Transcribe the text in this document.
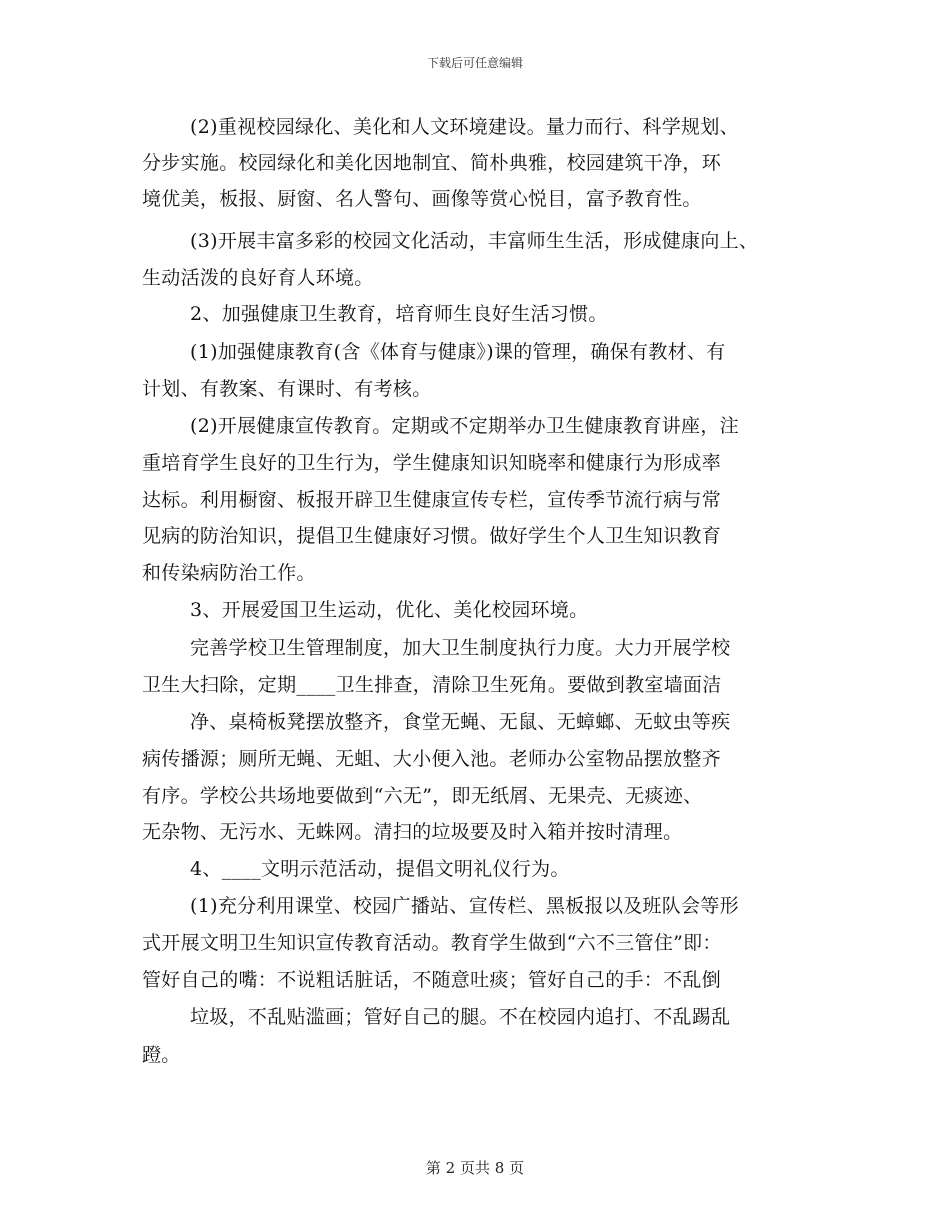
下载后可任意编辑
(2)重视校园绿化、美化和人文环境建设。量力而行、科学规划、
分步实施。校园绿化和美化因地制宜、简朴典雅，校园建筑干净，环
境优美，板报、厨窗、名人警句、画像等赏心悦目，富予教育性。
(3)开展丰富多彩的校园文化活动，丰富师生生活，形成健康向上、
生动活泼的良好育人环境。
2、加强健康卫生教育，培育师生良好生活习惯。
(1)加强健康教育(含《体育与健康》)课的管理，确保有教材、有
计划、有教案、有课时、有考核。
(2)开展健康宣传教育。定期或不定期举办卫生健康教育讲座，注
重培育学生良好的卫生行为，学生健康知识知晓率和健康行为形成率
达标。利用橱窗、板报开辟卫生健康宣传专栏，宣传季节流行病与常
见病的防治知识，提倡卫生健康好习惯。做好学生个人卫生知识教育
和传染病防治工作。
3、开展爱国卫生运动，优化、美化校园环境。
完善学校卫生管理制度，加大卫生制度执行力度。大力开展学校
卫生大扫除，定期____卫生排查，清除卫生死角。要做到教室墙面洁
净、桌椅板凳摆放整齐，食堂无蝇、无鼠、无蟑螂、无蚊虫等疾
病传播源；厕所无蝇、无蛆、大小便入池。老师办公室物品摆放整齐
有序。学校公共场地要做到“六无”，即无纸屑、无果壳、无痰迹、
无杂物、无污水、无蛛网。清扫的垃圾要及时入箱并按时清理。
4、____文明示范活动，提倡文明礼仪行为。
(1)充分利用课堂、校园广播站、宣传栏、黑板报以及班队会等形
式开展文明卫生知识宣传教育活动。教育学生做到“六不三管住”即：
管好自己的嘴：不说粗话脏话，不随意吐痰；管好自己的手：不乱倒
垃圾，不乱贴滥画；管好自己的腿。不在校园内追打、不乱踢乱
蹬。
第 2 页共 8 页
